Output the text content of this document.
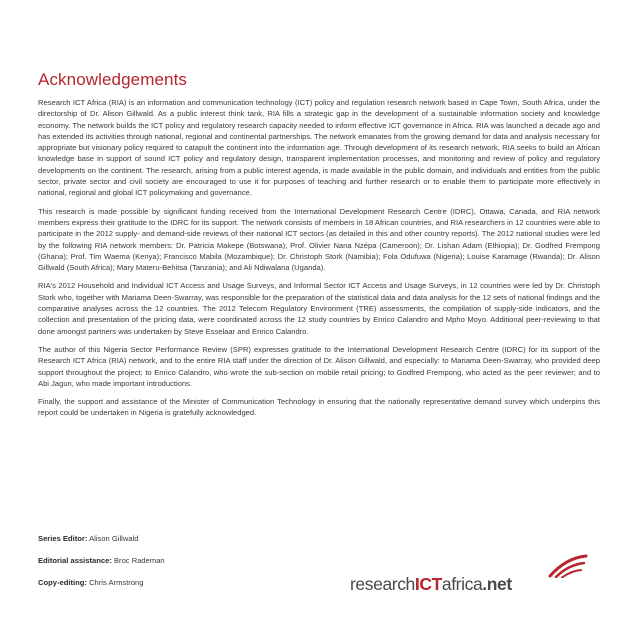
Acknowledgements

Research ICT Africa (RIA) is an information and communication technology (ICT) policy and regulation research network based in Cape Town, South Africa, under the directorship of Dr. Alison Gillwald. As a public interest think tank, RIA fills a strategic gap in the development of a sustainable information society and knowledge economy. The network builds the ICT policy and regulatory research capacity needed to inform effective ICT governance in Africa. RIA was launched a decade ago and has extended its activities through national, regional and continental partnerships. The network emanates from the growing demand for data and analysis necessary for appropriate but visionary policy required to catapult the continent into the information age. Through development of its research network, RIA seeks to build an African knowledge base in support of sound ICT policy and regulatory design, transparent implementation processes, and monitoring and review of policy and regulatory developments on the continent. The research, arising from a public interest agenda, is made available in the public domain, and individuals and entities from the public sector, private sector and civil society are encouraged to use it for purposes of teaching and further research or to enable them to participate more effectively in national, regional and global ICT policymaking and governance.

This research is made possible by significant funding received from the International Development Research Centre (IDRC), Ottawa, Canada, and RIA network members express their gratitude to the IDRC for its support. The network consists of members in 18 African countries, and RIA researchers in 12 countries were able to participate in the 2012 supply- and demand-side reviews of their national ICT sectors (as detailed in this and other country reports). The 2012 national studies were led by the following RIA network members: Dr. Patricia Makepe (Botswana); Prof. Olivier Nana Nzépa (Cameroon); Dr. Lishan Adam (Ethiopia); Dr. Godfred Frempong (Ghana); Prof. Tim Waema (Kenya); Francisco Mabila (Mozambique); Dr. Christoph Stork (Namibia); Fola Odufuwa (Nigeria); Louise Karamage (Rwanda); Dr. Alison Gillwald (South Africa); Mary Materu-Behitsa (Tanzania); and Ali Ndiwalana (Uganda).

RIA's 2012 Household and Individual ICT Access and Usage Surveys, and Informal Sector ICT Access and Usage Surveys, in 12 countries were led by Dr. Christoph Stork who, together with Mariama Deen-Swarray, was responsible for the preparation of the statistical data and data analysis for the 12 sets of national findings and the comparative analyses across the 12 countries. The 2012 Telecom Regulatory Environment (TRE) assessments, the compilation of supply-side indicators, and the collection and presentation of the pricing data, were coordinated across the 12 study countries by Enrico Calandro and Mpho Moyo. Additional peer-reviewing to that done amongst partners was undertaken by Steve Esselaar and Enrico Calandro.

The author of this Nigeria Sector Performance Review (SPR) expresses gratitude to the International Development Research Centre (IDRC) for its support of the Research ICT Africa (RIA) network, and to the entire RIA staff under the direction of Dr. Alison Gillwald, and especially: to Mariama Deen-Swarray, who provided deep support throughout the project; to Enrico Calandro, who wrote the sub-section on mobile retail pricing; to Godfred Frempong, who acted as the peer reviewer; and to Abi Jagun, who made important introductions.

Finally, the support and assistance of the Minister of Communication Technology in ensuring that the nationally representative demand survey which underpins this report could be undertaken in Nigeria is gratefully acknowledged.

Series Editor: Alison Gillwald
Editorial assistance: Broc Rademan
Copy-editing: Chris Armstrong	researchICTafrica.net
